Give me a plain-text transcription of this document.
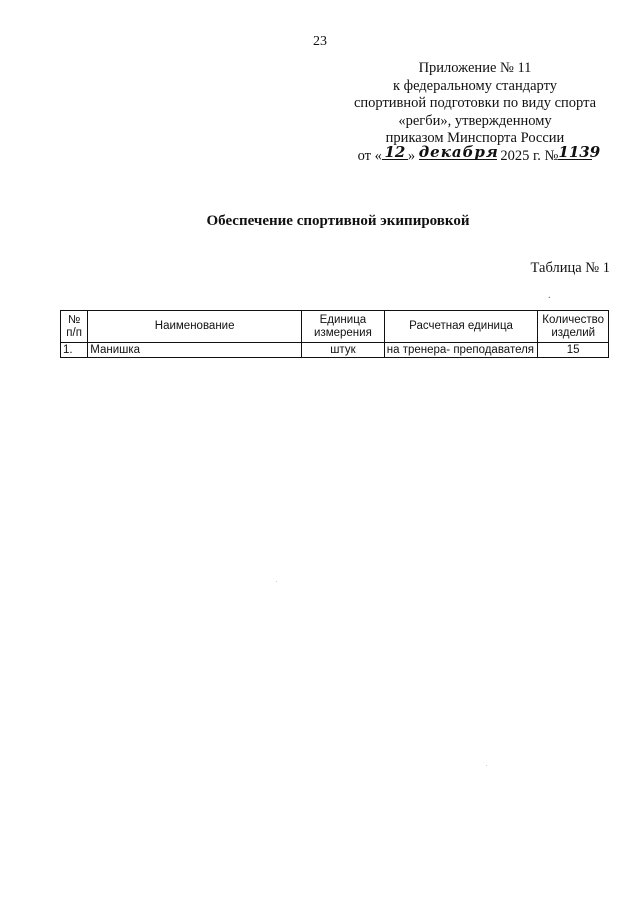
23
Приложение № 11
к федеральному стандарту
спортивной подготовки по виду спорта
«регби», утвержденному
приказом Минспорта России
от « 12 » декабря 2025 г. №1139
Обеспечение спортивной экипировкой
Таблица № 1
.
№ п/п	Наименование	Единица измерения	Расчетная единица	Количество изделий
1.	Манишка	штук	на тренера- преподавателя	15
.
.
